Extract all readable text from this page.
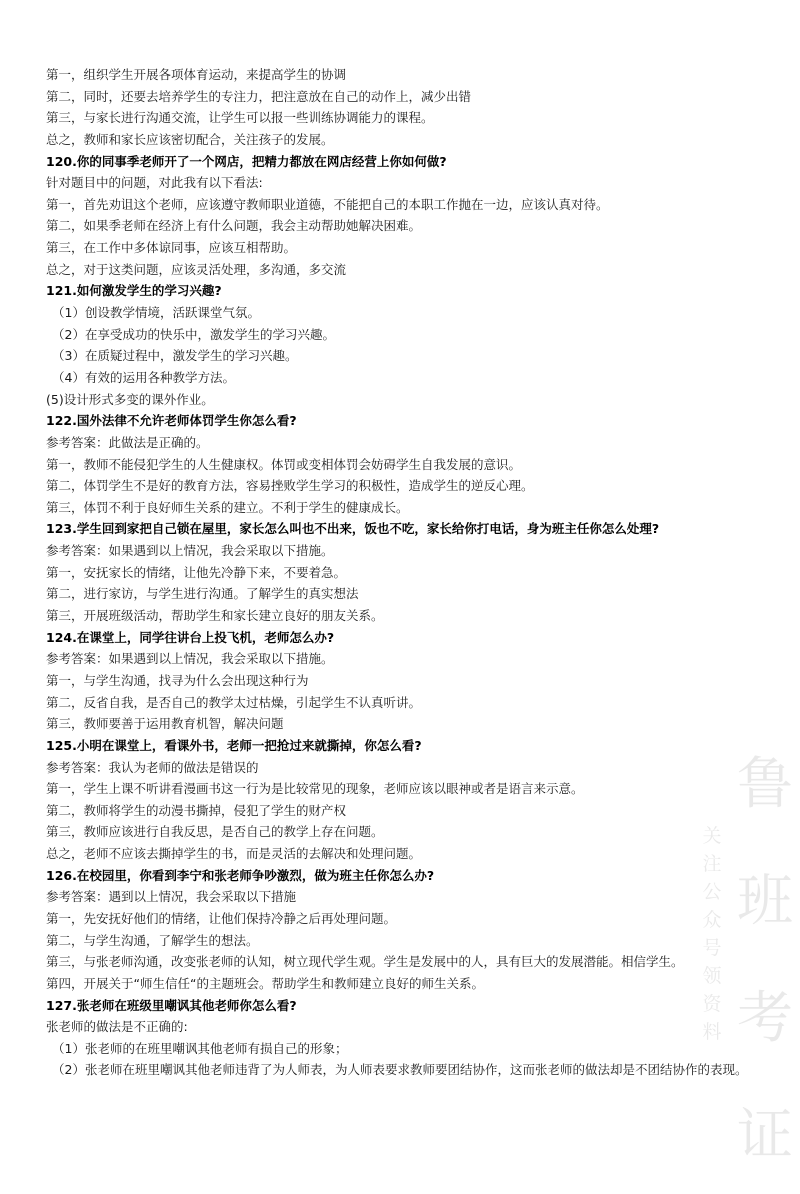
第一，组织学生开展各项体育运动，来提高学生的协调
第二，同时，还要去培养学生的专注力，把注意放在自己的动作上，减少出错
第三，与家长进行沟通交流，让学生可以报一些训练协调能力的课程。
总之，教师和家长应该密切配合，关注孩子的发展。
120.你的同事季老师开了一个网店，把精力都放在网店经营上你如何做?
针对题目中的问题，对此我有以下看法:
第一，首先劝诅这个老师，应该遵守教师职业道德，不能把自己的本职工作抛在一边，应该认真对待。
第二，如果季老师在经济上有什么问题，我会主动帮助她解决困难。
第三，在工作中多体谅同事，应该互相帮助。
总之，对于这类问题，应该灵活处理，多沟通，多交流
121.如何激发学生的学习兴趣?
（1）创设教学情境，活跃课堂气氛。
（2）在享受成功的快乐中，激发学生的学习兴趣。
（3）在质疑过程中，激发学生的学习兴趣。
（4）有效的运用各种教学方法。
(5)设计形式多变的课外作业。
122.国外法律不允许老师体罚学生你怎么看?
参考答案：此做法是正确的。
第一，教师不能侵犯学生的人生健康权。体罚或变相体罚会妨碍学生自我发展的意识。
第二，体罚学生不是好的教育方法，容易挫败学生学习的积极性，造成学生的逆反心理。
第三，体罚不利于良好师生关系的建立。不利于学生的健康成长。
123.学生回到家把自己锁在屋里，家长怎么叫也不出来，饭也不吃，家长给你打电话，身为班主任你怎么处理?
参考答案：如果遇到以上情况，我会采取以下措施。
第一，安抚家长的情绪，让他先冷静下来，不要着急。
第二，进行家访，与学生进行沟通。了解学生的真实想法
第三，开展班级活动，帮助学生和家长建立良好的朋友关系。
124.在课堂上，同学往讲台上投飞机，老师怎么办?
参考答案：如果遇到以上情况，我会采取以下措施。
第一，与学生沟通，找寻为什么会出现这种行为
第二，反省自我，是否自己的教学太过枯燥，引起学生不认真听讲。
第三，教师要善于运用教育机智，解决问题
125.小明在课堂上，看课外书，老师一把抢过来就撕掉，你怎么看?
参考答案：我认为老师的做法是错误的
第一，学生上课不听讲看漫画书这一行为是比较常见的现象，老师应该以眼神或者是语言来示意。
第二，教师将学生的动漫书撕掉，侵犯了学生的财产权
第三，教师应该进行自我反思，是否自己的教学上存在问题。
总之，老师不应该去撕掉学生的书，而是灵活的去解决和处理问题。
126.在校园里，你看到李宁和张老师争吵激烈，做为班主任你怎么办?
参考答案：遇到以上情况，我会采取以下措施
第一，先安抚好他们的情绪，让他们保持冷静之后再处理问题。
第二，与学生沟通，了解学生的想法。
第三，与张老师沟通，改变张老师的认知，树立现代学生观。学生是发展中的人，具有巨大的发展潜能。相信学生。
第四，开展关于“师生信任“的主题班会。帮助学生和教师建立良好的师生关系。
127.张老师在班级里嘲讽其他老师你怎么看?
张老师的做法是不正确的:
（1）张老师的在班里嘲讽其他老师有损自己的形象；
（2）张老师在班里嘲讽其他老师违背了为人师表，为人师表要求教师要团结协作，这而张老师的做法却是不团结协作的表现。
鲁
班
考
证
关
注
公
众
号
领
资
料
